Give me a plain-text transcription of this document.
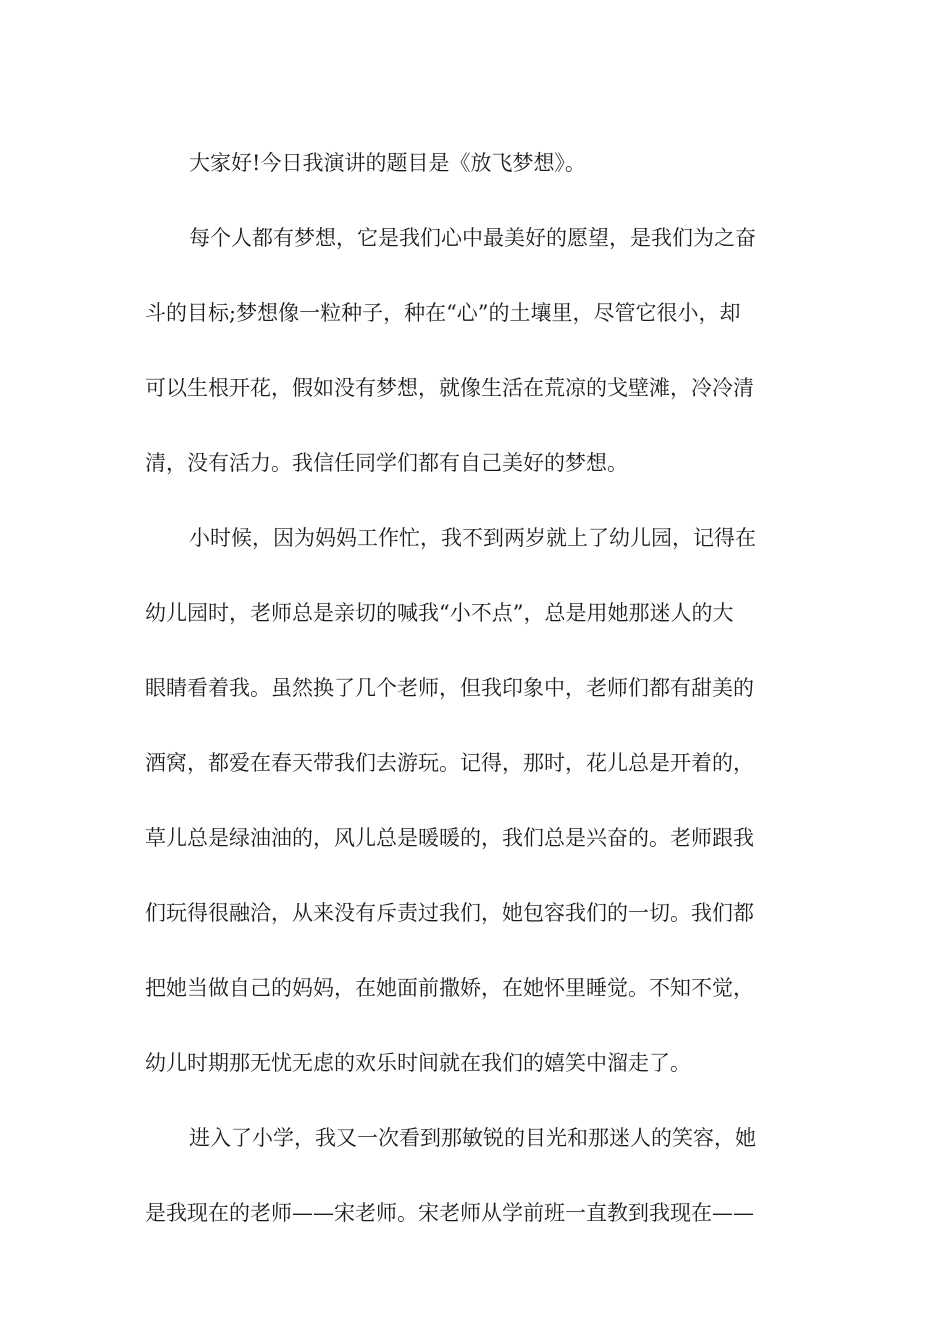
大家好!今日我演讲的题目是《放飞梦想》。
每个人都有梦想，它是我们心中最美好的愿望，是我们为之奋
斗的目标;梦想像一粒种子，种在“心”的土壤里，尽管它很小，却
可以生根开花，假如没有梦想，就像生活在荒凉的戈壁滩，冷冷清
清，没有活力。我信任同学们都有自己美好的梦想。
小时候，因为妈妈工作忙，我不到两岁就上了幼儿园，记得在
幼儿园时，老师总是亲切的喊我“小不点”，总是用她那迷人的大
眼睛看着我。虽然换了几个老师，但我印象中，老师们都有甜美的
酒窝，都爱在春天带我们去游玩。记得，那时，花儿总是开着的，
草儿总是绿油油的，风儿总是暖暖的，我们总是兴奋的。老师跟我
们玩得很融洽，从来没有斥责过我们，她包容我们的一切。我们都
把她当做自己的妈妈，在她面前撒娇，在她怀里睡觉。不知不觉，
幼儿时期那无忧无虑的欢乐时间就在我们的嬉笑中溜走了。
进入了小学，我又一次看到那敏锐的目光和那迷人的笑容，她
是我现在的老师——宋老师。宋老师从学前班一直教到我现在——
